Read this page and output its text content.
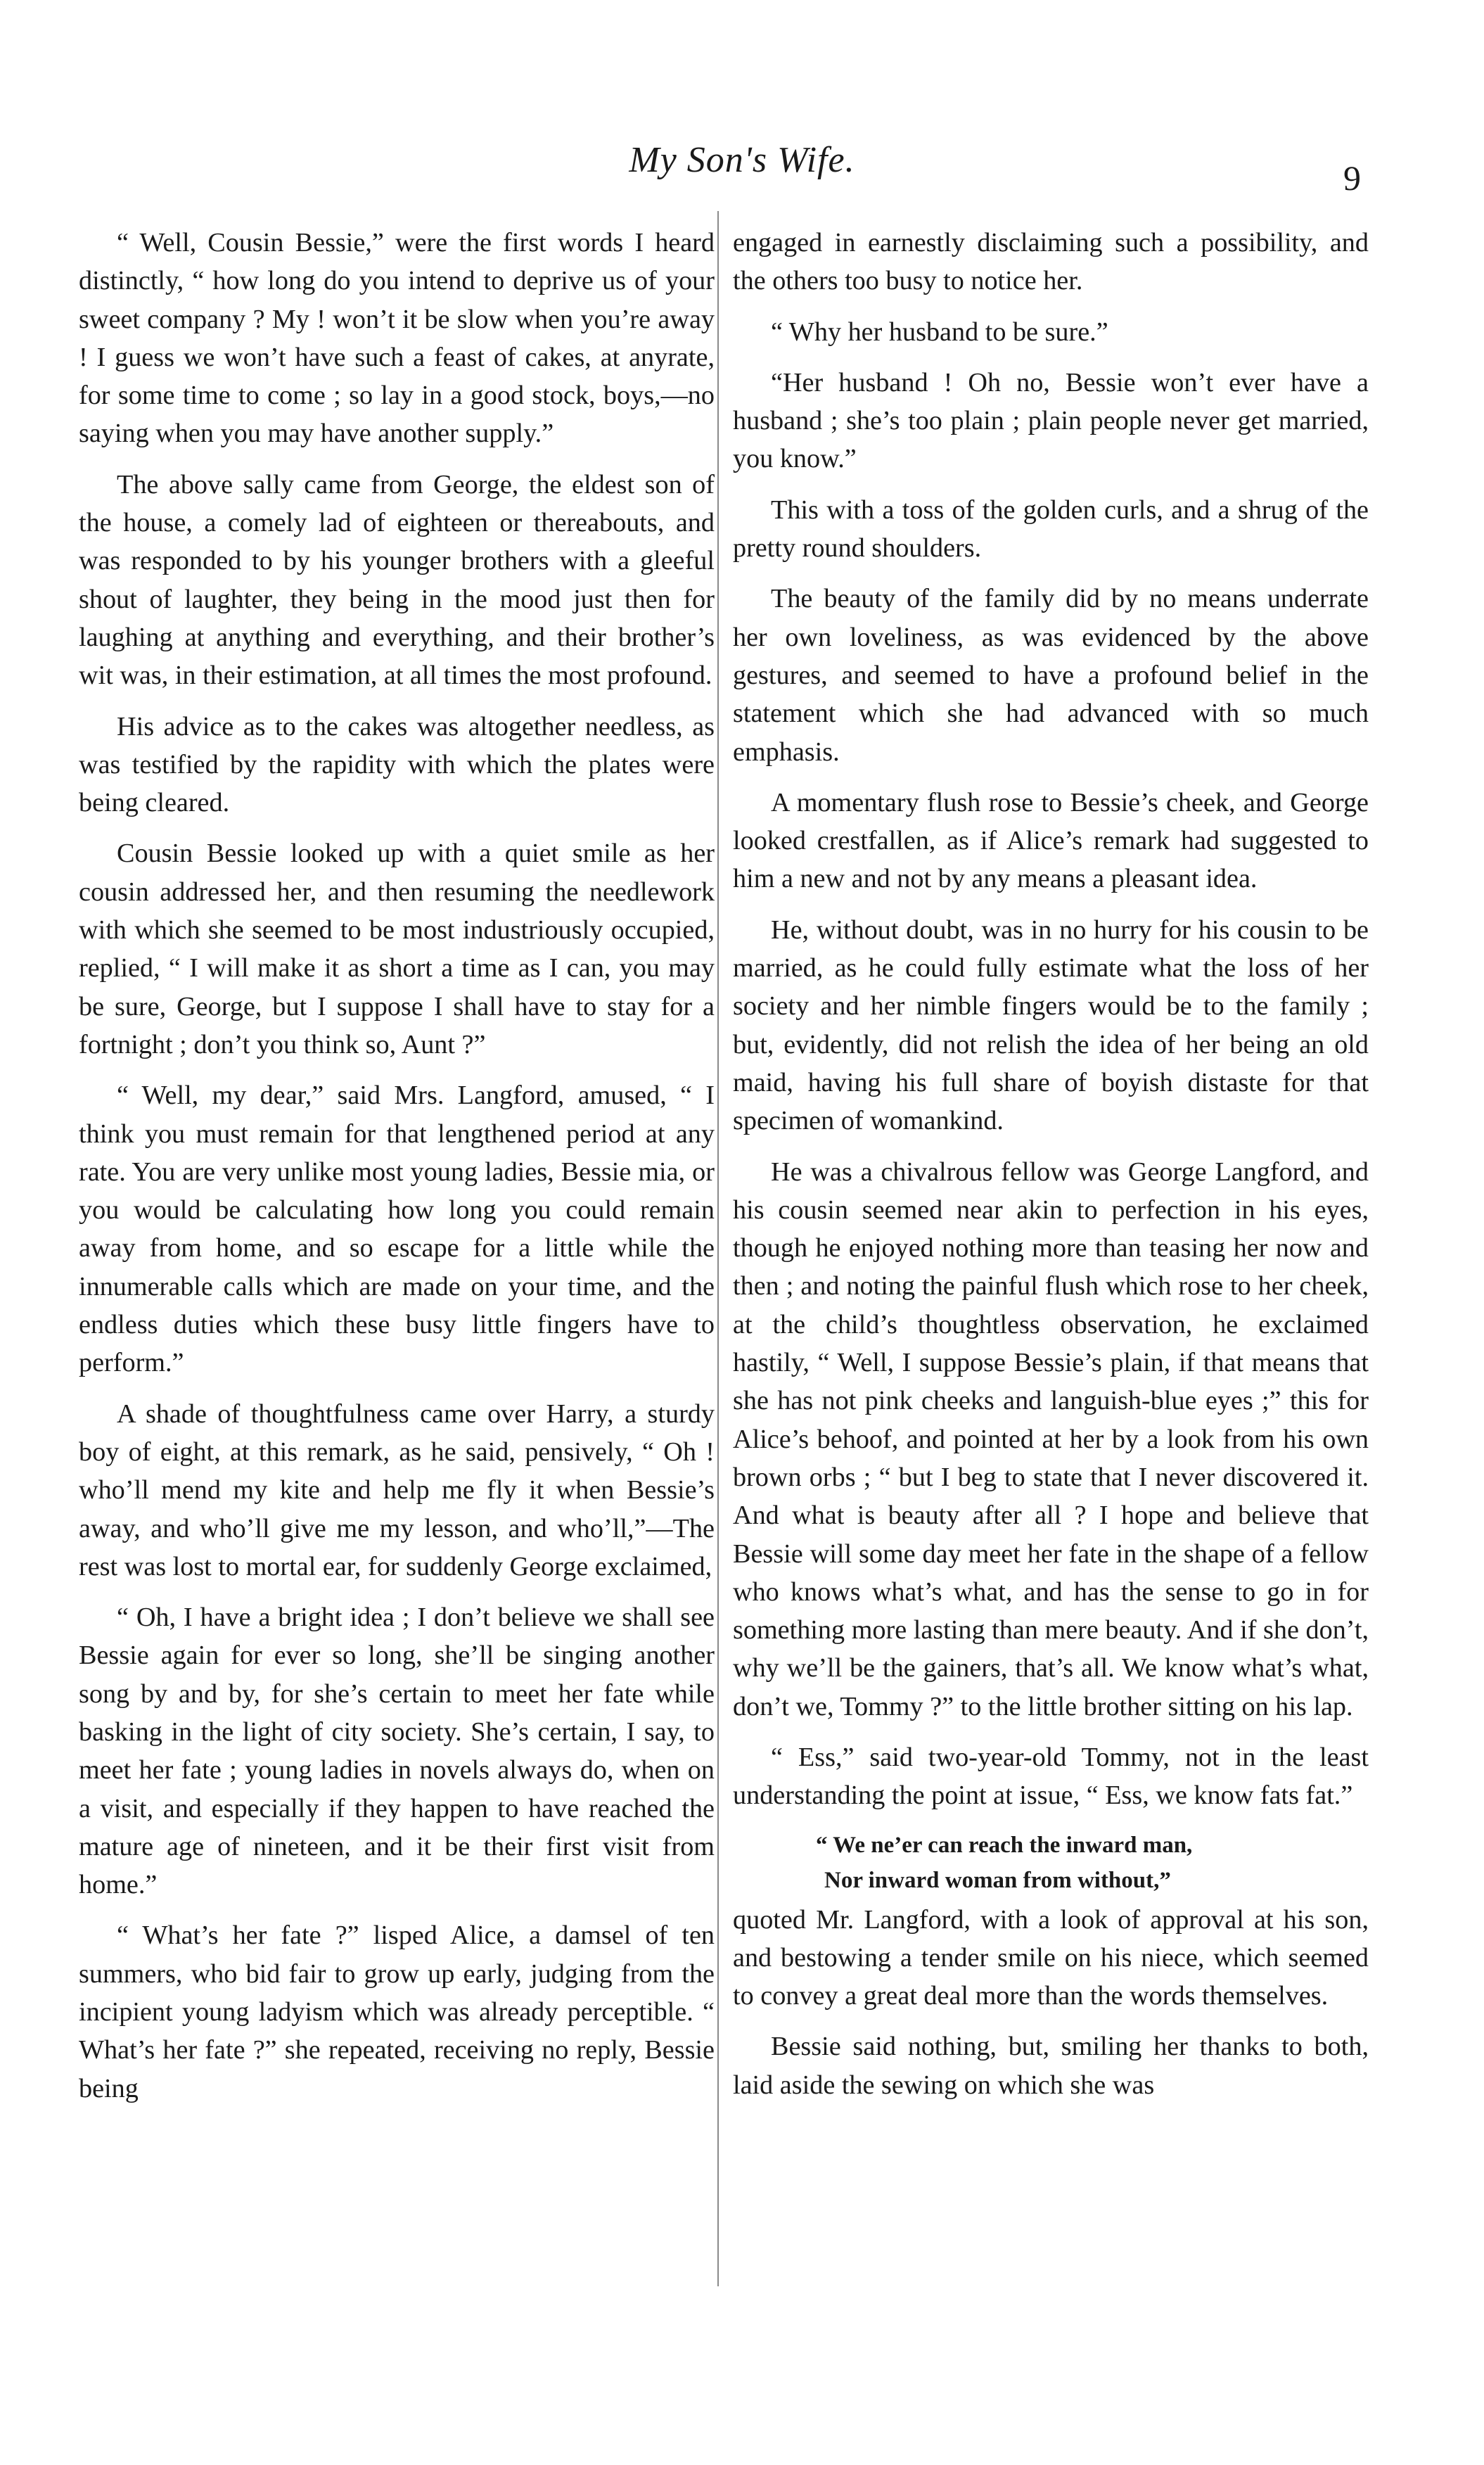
My Son's Wife.	9

“ Well, Cousin Bessie,” were the first words I heard distinctly, “ how long do you intend to deprive us of your sweet company ? My ! won’t it be slow when you’re away ! I guess we won’t have such a feast of cakes, at anyrate, for some time to come ; so lay in a good stock, boys,—no saying when you may have another supply.”

The above sally came from George, the eldest son of the house, a comely lad of eighteen or thereabouts, and was responded to by his younger brothers with a gleeful shout of laughter, they being in the mood just then for laughing at anything and everything, and their brother’s wit was, in their estimation, at all times the most profound.

His advice as to the cakes was altogether needless, as was testified by the rapidity with which the plates were being cleared.

Cousin Bessie looked up with a quiet smile as her cousin addressed her, and then resuming the needlework with which she seemed to be most industriously occupied, replied, “ I will make it as short a time as I can, you may be sure, George, but I suppose I shall have to stay for a fortnight ; don’t you think so, Aunt ?”

“ Well, my dear,” said Mrs. Langford, amused, “ I think you must remain for that lengthened period at any rate. You are very unlike most young ladies, Bessie mia, or you would be calculating how long you could remain away from home, and so escape for a little while the innumerable calls which are made on your time, and the endless duties which these busy little fingers have to perform.”

A shade of thoughtfulness came over Harry, a sturdy boy of eight, at this remark, as he said, pensively, “ Oh ! who’ll mend my kite and help me fly it when Bessie’s away, and who’ll give me my lesson, and who’ll,”—The rest was lost to mortal ear, for suddenly George exclaimed,

“ Oh, I have a bright idea ; I don’t believe we shall see Bessie again for ever so long, she’ll be singing another song by and by, for she’s certain to meet her fate while basking in the light of city society. She’s certain, I say, to meet her fate ; young ladies in novels always do, when on a visit, and especially if they happen to have reached the mature age of nineteen, and it be their first visit from home.”

“ What’s her fate ?” lisped Alice, a damsel of ten summers, who bid fair to grow up early, judging from the incipient young ladyism which was already perceptible. “ What’s her fate ?” she repeated, receiving no reply, Bessie being

engaged in earnestly disclaiming such a possibility, and the others too busy to notice her.

“ Why her husband to be sure.”

“Her husband ! Oh no, Bessie won’t ever have a husband ; she’s too plain ; plain people never get married, you know.”

This with a toss of the golden curls, and a shrug of the pretty round shoulders.

The beauty of the family did by no means underrate her own loveliness, as was evidenced by the above gestures, and seemed to have a profound belief in the statement which she had advanced with so much emphasis.

A momentary flush rose to Bessie’s cheek, and George looked crestfallen, as if Alice’s remark had suggested to him a new and not by any means a pleasant idea.

He, without doubt, was in no hurry for his cousin to be married, as he could fully estimate what the loss of her society and her nimble fingers would be to the family ; but, evidently, did not relish the idea of her being an old maid, having his full share of boyish distaste for that specimen of womankind.

He was a chivalrous fellow was George Langford, and his cousin seemed near akin to perfection in his eyes, though he enjoyed nothing more than teasing her now and then ; and noting the painful flush which rose to her cheek, at the child’s thoughtless observation, he exclaimed hastily, “ Well, I suppose Bessie’s plain, if that means that she has not pink cheeks and languish-blue eyes ;” this for Alice’s behoof, and pointed at her by a look from his own brown orbs ; “ but I beg to state that I never discovered it. And what is beauty after all ? I hope and believe that Bessie will some day meet her fate in the shape of a fellow who knows what’s what, and has the sense to go in for something more lasting than mere beauty. And if she don’t, why we’ll be the gainers, that’s all. We know what’s what, don’t we, Tommy ?” to the little brother sitting on his lap.

“ Ess,” said two-year-old Tommy, not in the least understanding the point at issue, “ Ess, we know fats fat.”

“ We ne’er can reach the inward man,
Nor inward woman from without,”

quoted Mr. Langford, with a look of approval at his son, and bestowing a tender smile on his niece, which seemed to convey a great deal more than the words themselves.

Bessie said nothing, but, smiling her thanks to both, laid aside the sewing on which she was
